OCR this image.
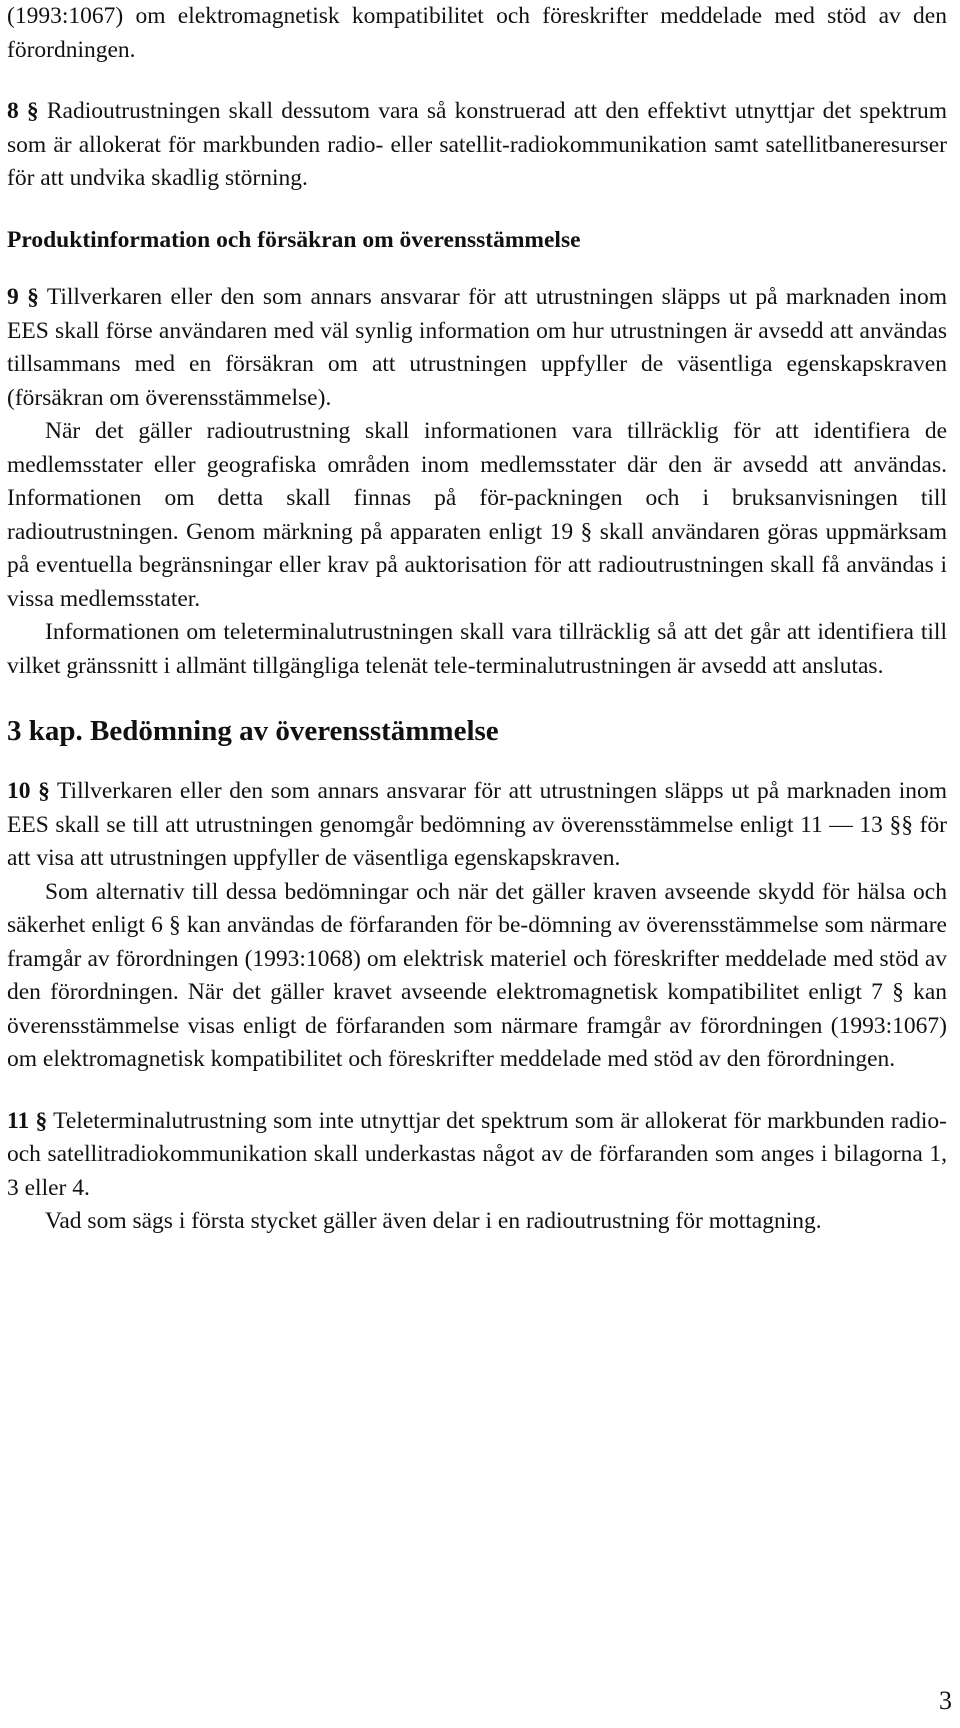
(1993:1067) om elektromagnetisk kompatibilitet och föreskrifter meddelade med stöd av den förordningen.

8 § Radioutrustningen skall dessutom vara så konstruerad att den effektivt utnyttjar det spektrum som är allokerat för markbunden radio- eller satellit-radiokommunikation samt satellitbaneresurser för att undvika skadlig störning.

Produktinformation och försäkran om överensstämmelse

9 § Tillverkaren eller den som annars ansvarar för att utrustningen släpps ut på marknaden inom EES skall förse användaren med väl synlig information om hur utrustningen är avsedd att användas tillsammans med en försäkran om att utrustningen uppfyller de väsentliga egenskapskraven (försäkran om överensstämmelse).

När det gäller radioutrustning skall informationen vara tillräcklig för att identifiera de medlemsstater eller geografiska områden inom medlemsstater där den är avsedd att användas. Informationen om detta skall finnas på för-packningen och i bruksanvisningen till radioutrustningen. Genom märkning på apparaten enligt 19 § skall användaren göras uppmärksam på eventuella begränsningar eller krav på auktorisation för att radioutrustningen skall få användas i vissa medlemsstater.

Informationen om teleterminalutrustningen skall vara tillräcklig så att det går att identifiera till vilket gränssnitt i allmänt tillgängliga telenät tele-terminalutrustningen är avsedd att anslutas.

3 kap. Bedömning av överensstämmelse

10 § Tillverkaren eller den som annars ansvarar för att utrustningen släpps ut på marknaden inom EES skall se till att utrustningen genomgår bedömning av överensstämmelse enligt 11 — 13 §§ för att visa att utrustningen uppfyller de väsentliga egenskapskraven.

Som alternativ till dessa bedömningar och när det gäller kraven avseende skydd för hälsa och säkerhet enligt 6 § kan användas de förfaranden för be-dömning av överensstämmelse som närmare framgår av förordningen (1993:1068) om elektrisk materiel och föreskrifter meddelade med stöd av den förordningen. När det gäller kravet avseende elektromagnetisk kompatibilitet enligt 7 § kan överensstämmelse visas enligt de förfaranden som närmare framgår av förordningen (1993:1067) om elektromagnetisk kompatibilitet och föreskrifter meddelade med stöd av den förordningen.

11 § Teleterminalutrustning som inte utnyttjar det spektrum som är allokerat för markbunden radio- och satellitradiokommunikation skall underkastas något av de förfaranden som anges i bilagorna 1, 3 eller 4.

Vad som sägs i första stycket gäller även delar i en radioutrustning för mottagning.

3
